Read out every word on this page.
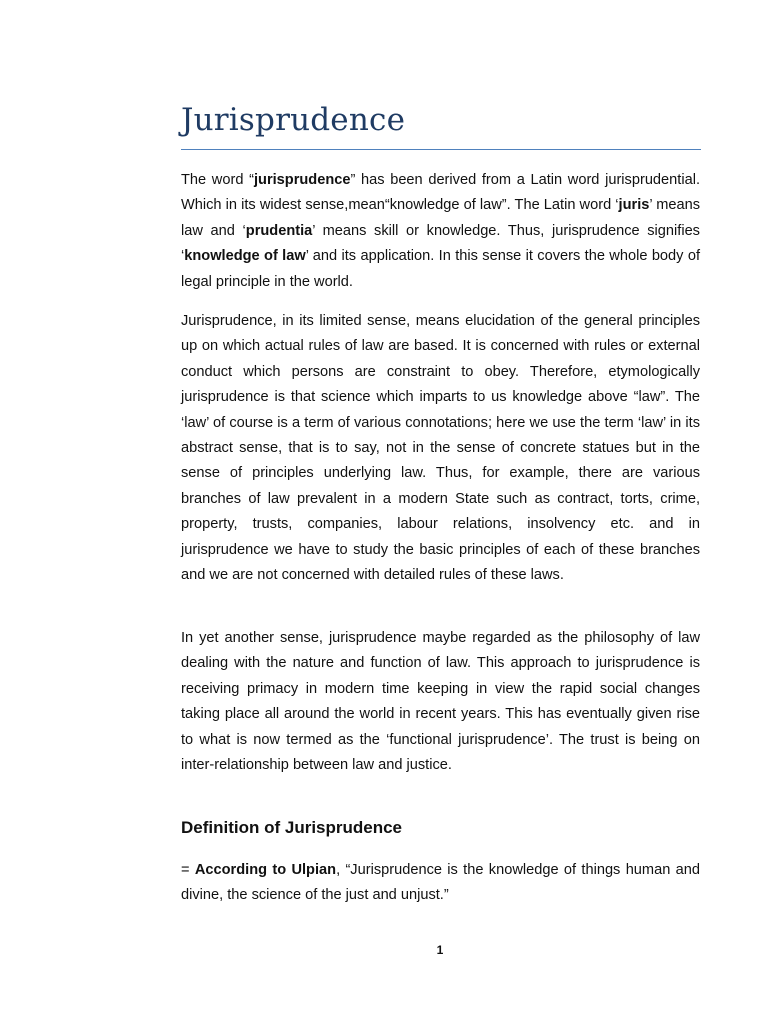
Jurisprudence

The word “jurisprudence” has been derived from a Latin word jurisprudential. Which in its widest sense,mean“knowledge of law”. The Latin word ‘juris’ means law and ‘prudentia’ means skill or knowledge. Thus, jurisprudence signifies ‘knowledge of law’ and its application. In this sense it covers the whole body of legal principle in the world.

Jurisprudence, in its limited sense, means elucidation of the general principles up on which actual rules of law are based. It is concerned with rules or external conduct which persons are constraint to obey. Therefore, etymologically jurisprudence is that science which imparts to us knowledge above “law”. The ‘law’ of course is a term of various connotations; here we use the term ‘law’ in its abstract sense, that is to say, not in the sense of concrete statues but in the sense of principles underlying law. Thus, for example, there are various branches of law prevalent in a modern State such as contract, torts, crime, property, trusts, companies, labour relations, insolvency etc. and in jurisprudence we have to study the basic principles of each of these branches and we are not concerned with detailed rules of these laws.

In yet another sense, jurisprudence maybe regarded as the philosophy of law dealing with the nature and function of law. This approach to jurisprudence is receiving primacy in modern time keeping in view the rapid social changes taking place all around the world in recent years. This has eventually given rise to what is now termed as the ‘functional jurisprudence’. The trust is being on inter-relationship between law and justice.

Definition of Jurisprudence

= According to Ulpian, “Jurisprudence is the knowledge of things human and divine, the science of the just and unjust.”

1
